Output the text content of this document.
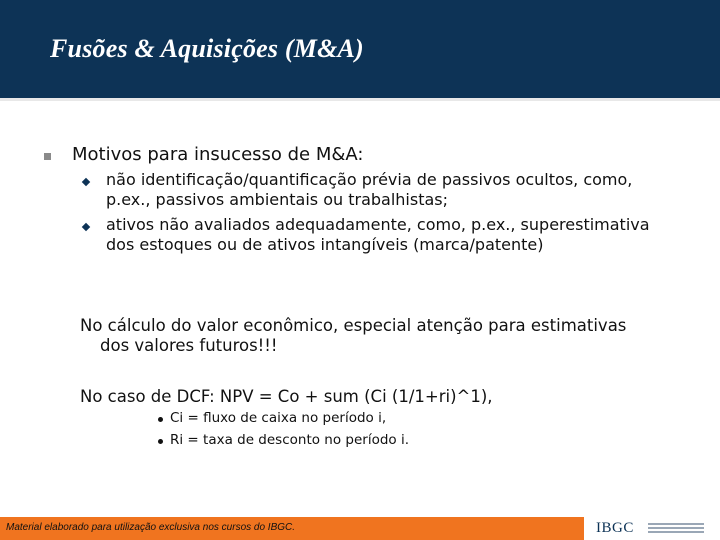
Fusões & Aquisições (M&A)
Motivos para insucesso de M&A:
não identificação/quantificação prévia de passivos ocultos, como, p.ex., passivos ambientais ou trabalhistas;
ativos não avaliados adequadamente, como, p.ex., superestimativa dos estoques ou de ativos intangíveis (marca/patente)
No cálculo do valor econômico, especial atenção para estimativas
dos valores futuros!!!
No caso de DCF: NPV = Co + sum (Ci (1/1+ri)^1),
Ci = fluxo de caixa no período i,
Ri = taxa de desconto no período i.
Material elaborado para utilização exclusiva nos cursos do IBGC.	IBGC
